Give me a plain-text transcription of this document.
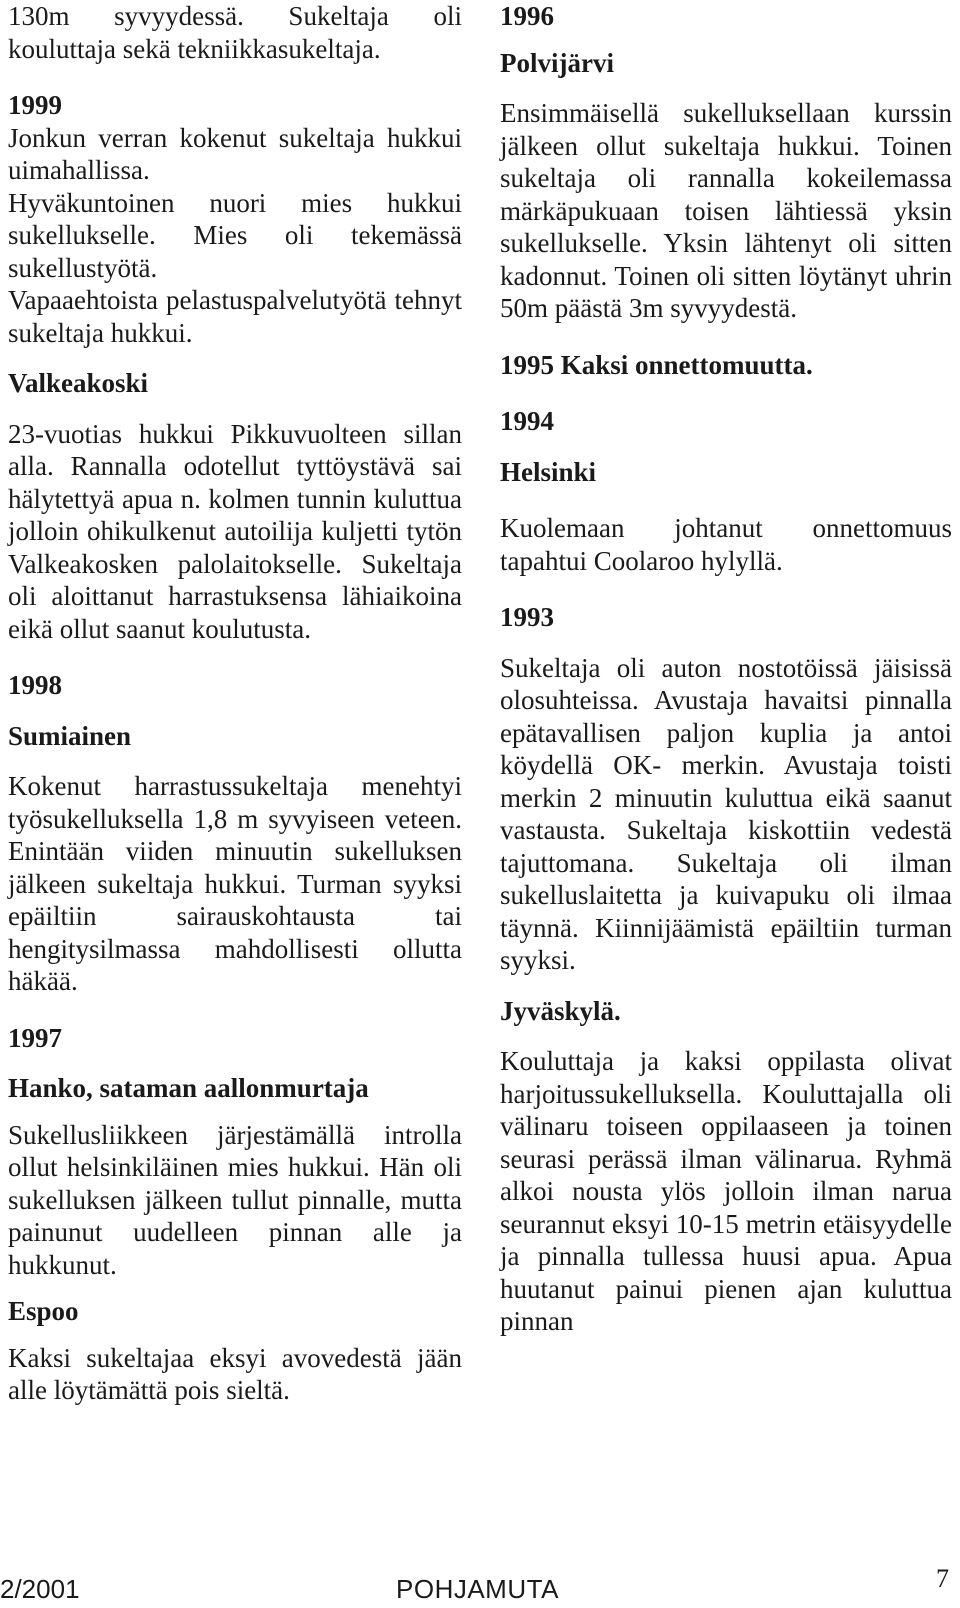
130m syvyydessä. Sukeltaja oli kouluttaja sekä tekniikkasukeltaja.

1999

Jonkun verran kokenut sukeltaja hukkui uimahallissa.

Hyväkuntoinen nuori mies hukkui sukellukselle. Mies oli tekemässä sukellustyötä.

Vapaaehtoista pelastuspalvelutyötä tehnyt sukeltaja hukkui.

Valkeakoski

23-vuotias hukkui Pikkuvuolteen sillan alla. Rannalla odotellut tyttöystävä sai hälytettyä apua n. kolmen tunnin kuluttua jolloin ohikulkenut autoilija kuljetti tytön Valkeakosken palolaitokselle. Sukeltaja oli aloittanut harrastuksensa lähiaikoina eikä ollut saanut koulutusta.

1998

Sumiainen

Kokenut harrastussukeltaja menehtyi työsukelluksella 1,8 m syvyiseen veteen. Enintään viiden minuutin sukelluksen jälkeen sukeltaja hukkui. Turman syyksi epäiltiin sairauskohtausta tai hengitysilmassa mahdollisesti ollutta häkää.

1997

Hanko, sataman aallonmurtaja

Sukellusliikkeen järjestämällä introlla ollut helsinkiläinen mies hukkui. Hän oli sukelluksen jälkeen tullut pinnalle, mutta painunut uudelleen pinnan alle ja hukkunut.

Espoo

Kaksi sukeltajaa eksyi avovedestä jään alle löytämättä pois sieltä.

1996

Polvijärvi

Ensimmäisellä sukelluksellaan kurssin jälkeen ollut sukeltaja hukkui. Toinen sukeltaja oli rannalla kokeilemassa märkäpukuaan toisen lähtiessä yksin sukellukselle. Yksin lähtenyt oli sitten kadonnut. Toinen oli sitten löytänyt uhrin 50m päästä 3m syvyydestä.

1995 Kaksi onnettomuutta.

1994

Helsinki

Kuolemaan johtanut onnettomuus tapahtui Coolaroo hylyllä.

1993

Sukeltaja oli auton nostotöissä jäisissä olosuhteissa. Avustaja havaitsi pinnalla epätavallisen paljon kuplia ja antoi köydellä OK- merkin. Avustaja toisti merkin 2 minuutin kuluttua eikä saanut vastausta. Sukeltaja kiskottiin vedestä tajuttomana. Sukeltaja oli ilman sukelluslaitetta ja kuivapuku oli ilmaa täynnä. Kiinnijäämistä epäiltiin turman syyksi.

Jyväskylä.

Kouluttaja ja kaksi oppilasta olivat harjoitussukelluksella. Kouluttajalla oli välinaru toiseen oppilaaseen ja toinen seurasi perässä ilman välinarua. Ryhmä alkoi nousta ylös jolloin ilman narua seurannut eksyi 10-15 metrin etäisyydelle ja pinnalla tullessa huusi apua. Apua huutanut painui pienen ajan kuluttua pinnan

2/2001	POHJAMUTA	7
